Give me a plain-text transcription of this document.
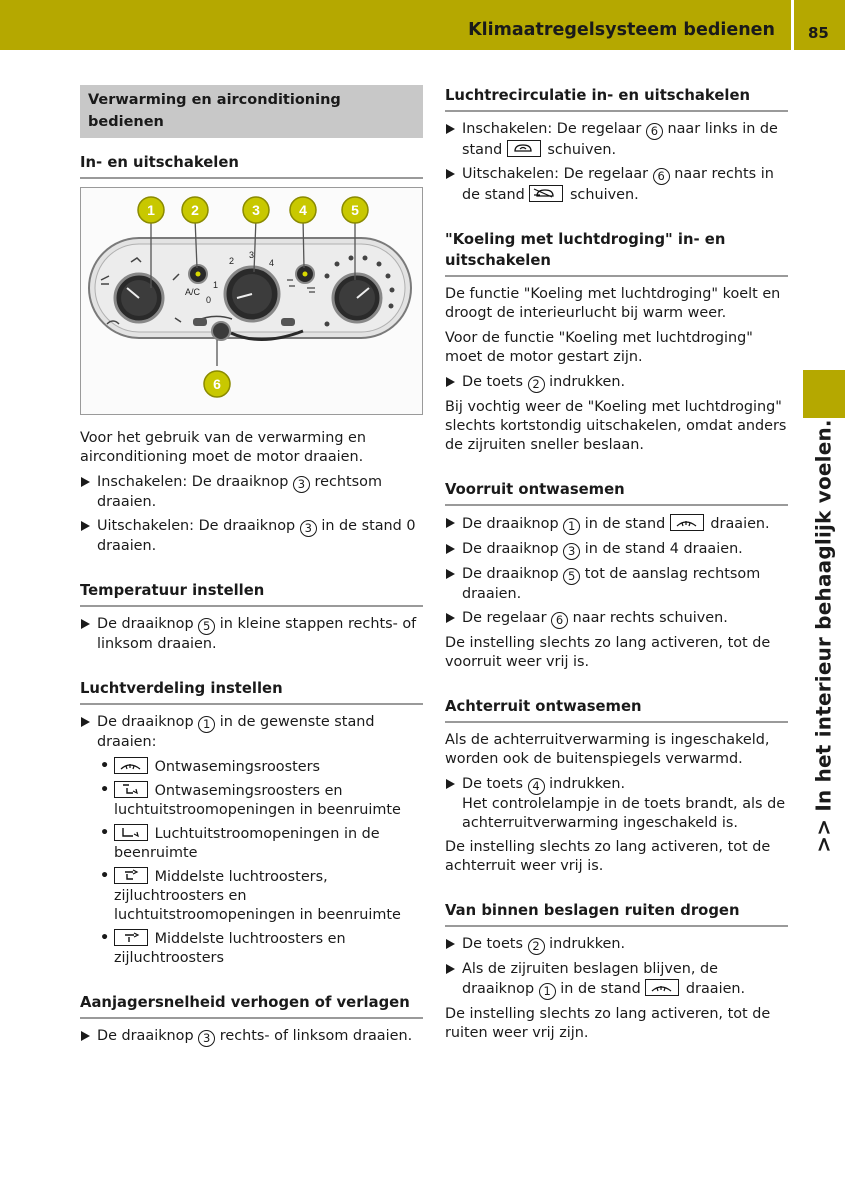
Klimaatregelsysteem bedienen 85
>> In het interieur behaaglijk voelen.
Verwarming en airconditioning bedienen
In- en uitschakelen
1	2	3	4	5
6
A/C
0
1
2
3
4

Voor het gebruik van de verwarming en airconditioning moet de motor draaien.

Inschakelen: De draaiknop 3 rechtsom draaien.
Uitschakelen: De draaiknop 3 in de stand 0 draaien.
Temperatuur instellen
De draaiknop 5 in kleine stappen rechts- of linksom draaien.
Luchtverdeling instellen
De draaiknop 1 in de gewenste stand draaien:
• Ontwasemingsroosters
• Ontwasemingsroosters en luchtuitstroomopeningen in beenruimte
• Luchtuitstroomopeningen in de beenruimte
• Middelste luchtroosters, zijluchtroosters en luchtuitstroomopeningen in beenruimte
• Middelste luchtroosters en zijluchtroosters
Aanjagersnelheid verhogen of verlagen
De draaiknop 3 rechts- of linksom draaien.
Luchtrecirculatie in- en uitschakelen
Inschakelen: De regelaar 6 naar links in de stand	schuiven.
Uitschakelen: De regelaar 6 naar rechts in de stand	schuiven.
"Koeling met luchtdroging" in- en uitschakelen

De functie "Koeling met luchtdroging" koelt en droogt de interieurlucht bij warm weer.

Voor de functie "Koeling met luchtdroging" moet de motor gestart zijn.

De toets 2 indrukken.

Bij vochtig weer de "Koeling met luchtdroging" slechts kortstondig uitschakelen, omdat anders de zijruiten sneller beslaan.

Voorruit ontwasemen
De draaiknop 1 in de stand	draaien.
De draaiknop 3 in de stand 4 draaien.
De draaiknop 5 tot de aanslag rechtsom draaien.
De regelaar 6 naar rechts schuiven.

De instelling slechts zo lang activeren, tot de voorruit weer vrij is.

Achterruit ontwasemen

Als de achterruitverwarming is ingeschakeld, worden ook de buitenspiegels verwarmd.

De toets 4 indrukken.
Het controlelampje in de toets brandt, als de achterruitverwarming ingeschakeld is.

De instelling slechts zo lang activeren, tot de achterruit weer vrij is.

Van binnen beslagen ruiten drogen
De toets 2 indrukken.
Als de zijruiten beslagen blijven, de draaiknop 1 in de stand	draaien.

De instelling slechts zo lang activeren, tot de ruiten weer vrij zijn.
